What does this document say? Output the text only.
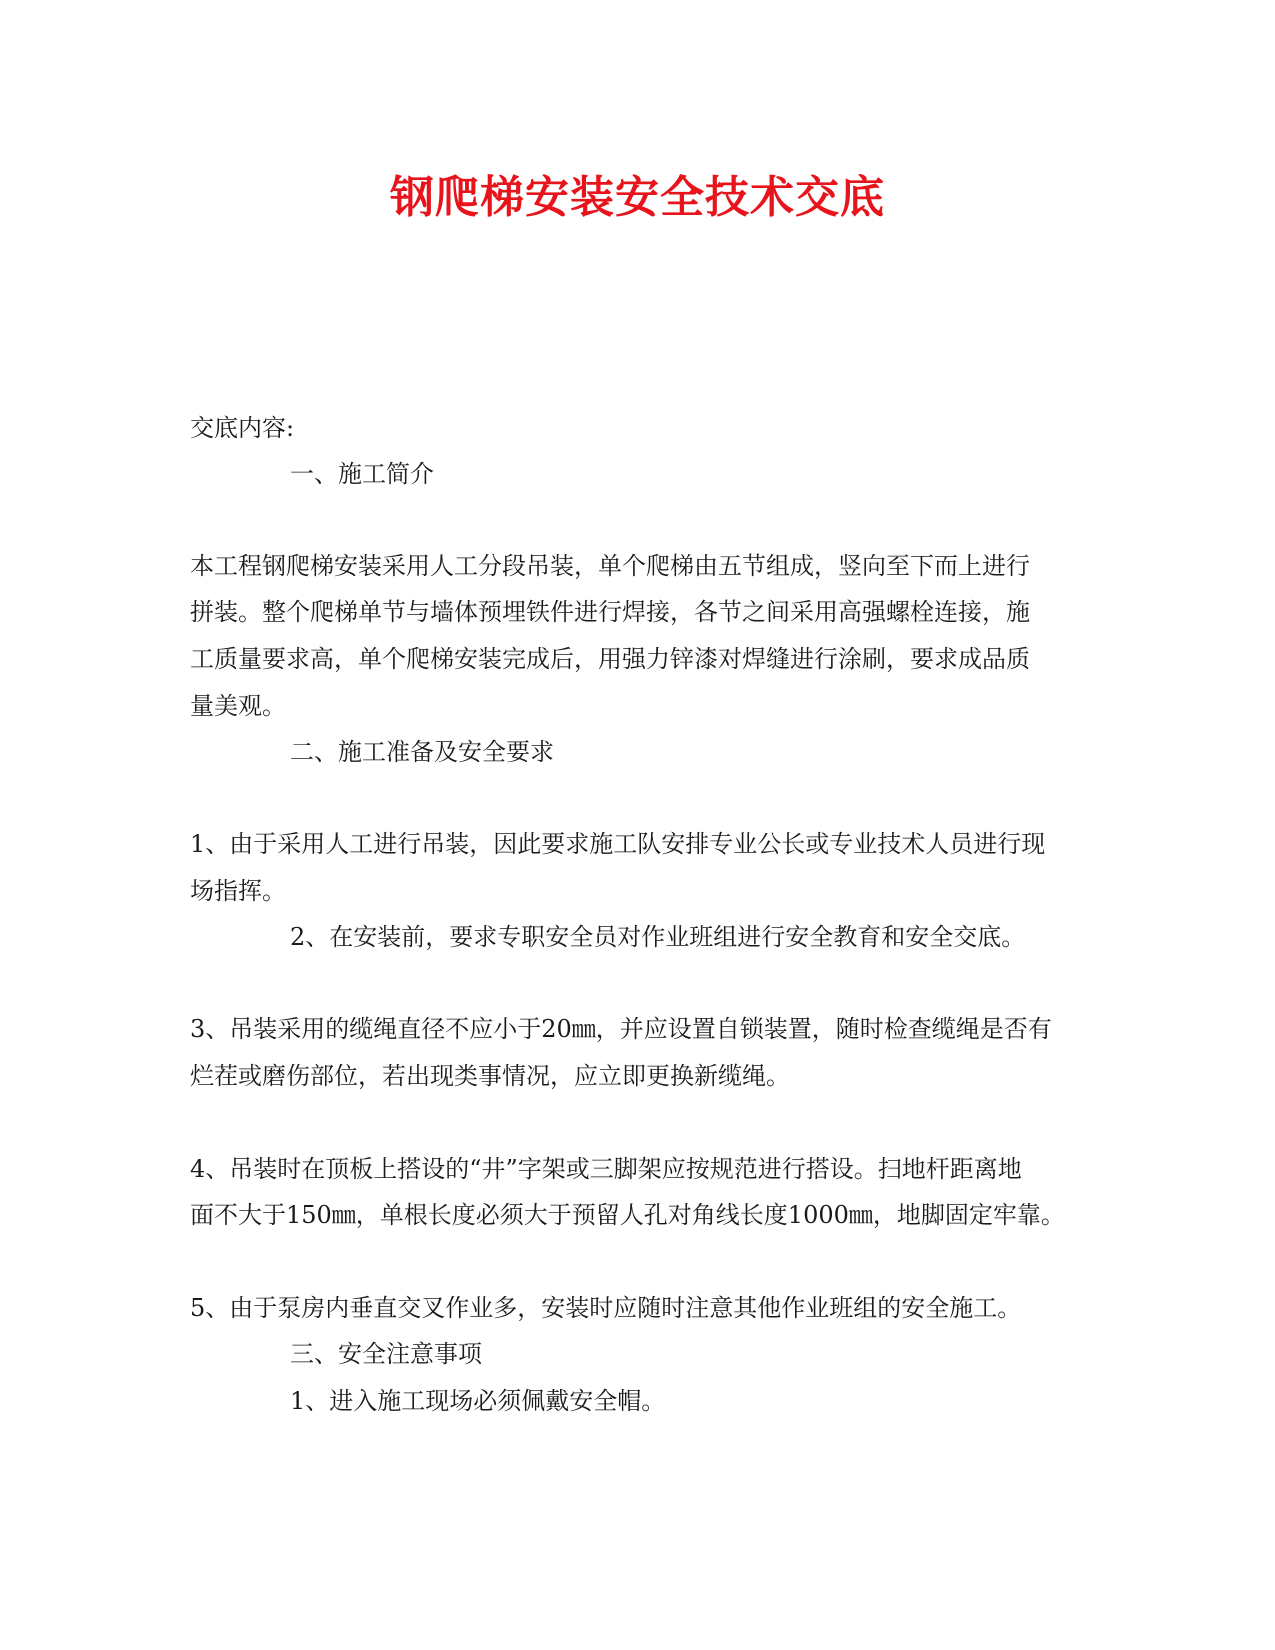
钢爬梯安装安全技术交底
交底内容:
一、施工简介
本工程钢爬梯安装采用人工分段吊装，单个爬梯由五节组成，竖向至下而上进行
拼装。整个爬梯单节与墙体预埋铁件进行焊接，各节之间采用高强螺栓连接，施
工质量要求高，单个爬梯安装完成后，用强力锌漆对焊缝进行涂刷，要求成品质
量美观。
二、施工准备及安全要求
1、由于采用人工进行吊装，因此要求施工队安排专业公长或专业技术人员进行现
场指挥。
2、在安装前，要求专职安全员对作业班组进行安全教育和安全交底。
3、吊装采用的缆绳直径不应小于20㎜，并应设置自锁装置，随时检查缆绳是否有
烂茬或磨伤部位，若出现类事情况，应立即更换新缆绳。
4、吊装时在顶板上搭设的“井”字架或三脚架应按规范进行搭设。扫地杆距离地
面不大于150㎜，单根长度必须大于预留人孔对角线长度1000㎜，地脚固定牢靠。
5、由于泵房内垂直交叉作业多，安装时应随时注意其他作业班组的安全施工。
三、安全注意事项
1、进入施工现场必须佩戴安全帽。
